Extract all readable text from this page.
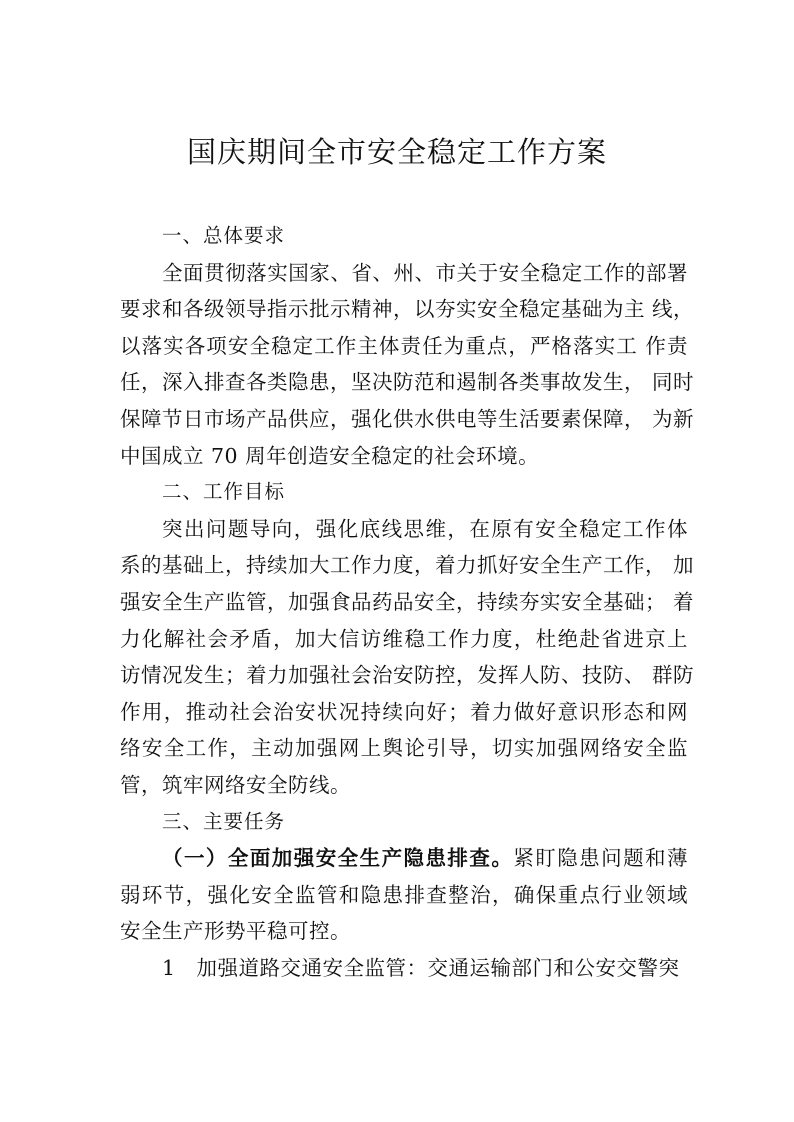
国庆期间全市安全稳定工作方案
一、总体要求
全面贯彻落实国家、省、州、市关于安全稳定工作的部署
要求和各级领导指示批示精神，以夯实安全稳定基础为主 线，
以落实各项安全稳定工作主体责任为重点，严格落实工 作责
任，深入排查各类隐患，坚决防范和遏制各类事故发生， 同时
保障节日市场产品供应，强化供水供电等生活要素保障， 为新
中国成立 70 周年创造安全稳定的社会环境。
二、工作目标
突出问题导向，强化底线思维，在原有安全稳定工作体
系的基础上，持续加大工作力度，着力抓好安全生产工作， 加
强安全生产监管，加强食品药品安全，持续夯实安全基础； 着
力化解社会矛盾，加大信访维稳工作力度，杜绝赴省进京上
访情况发生；着力加强社会治安防控，发挥人防、技防、 群防
作用，推动社会治安状况持续向好；着力做好意识形态和网
络安全工作，主动加强网上舆论引导，切实加强网络安全监
管，筑牢网络安全防线。
三、主要任务
（一）全面加强安全生产隐患排查。紧盯隐患问题和薄
弱环节，强化安全监管和隐患排查整治，确保重点行业领域
安全生产形势平稳可控。
1　加强道路交通安全监管：交通运输部门和公安交警突
